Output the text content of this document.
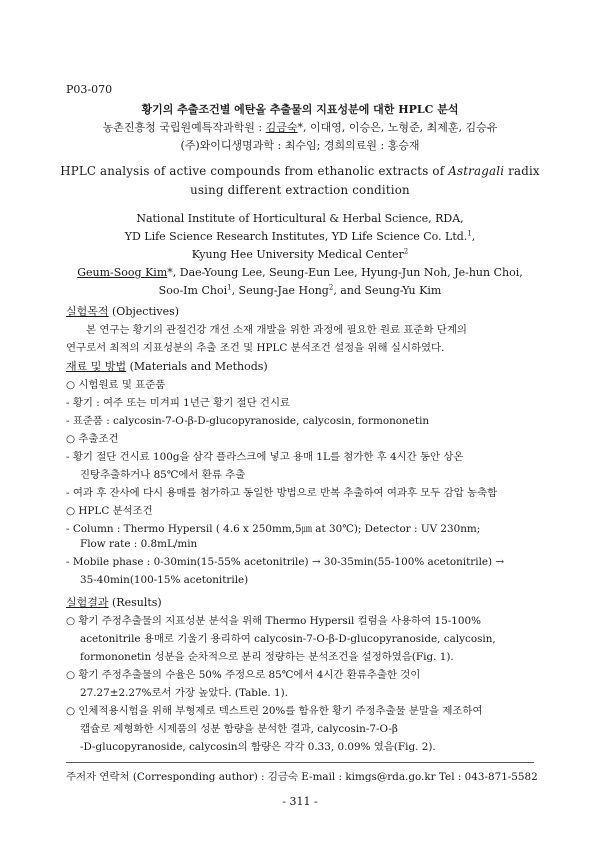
P03-070
황기의 추출조건별 에탄올 추출물의 지표성분에 대한 HPLC 분석
농촌진흥청 국립원예특작과학원 : 김금숙*, 이대영, 이승은, 노형준, 최제훈, 김승유
(주)와이디생명과학 : 최수임; 경희의료원 : 홍승재
HPLC analysis of active compounds from ethanolic extracts of Astragali radix
using different extraction condition
National Institute of Horticultural & Herbal Science, RDA,
YD Life Science Research Institutes, YD Life Science Co. Ltd.$^1$,
Kyung Hee University Medical Center$^2$
Geum-Soog Kim*, Dae-Young Lee, Seung-Eun Lee, Hyung-Jun Noh, Je-hun Choi,
Soo-Im Choi$^1$, Seung-Jae Hong$^2$, and Seung-Yu Kim
실험목적 (Objectives)
본 연구는 황기의 관절건강 개선 소재 개발을 위한 과정에 필요한 원료 표준화 단계의
연구로서 최적의 지표성분의 추출 조건 및 HPLC 분석조건 설정을 위해 실시하였다.
재료 및 방법 (Materials and Methods)
○ 시험원료 및 표준품
- 황기 : 여주 또는 미겨피 1년근 황기 절단 건시료
- 표준품 : calycosin-7-O-β-D-glucopyranoside, calycosin, formononetin
○ 추출조건
- 황기 절단 건시료 100g을 삼각 플라스크에 넣고 용매 1L를 첨가한 후 4시간 동안 상온
진탕추출하거나 85℃에서 환류 추출
- 여과 후 잔사에 다시 용매를 첨가하고 동일한 방법으로 반복 추출하여 여과후 모두 감압 농축함
○ HPLC 분석조건
- Column : Thermo Hypersil ( 4.6 x 250mm,5㎛ at 30℃); Detector : UV 230nm;
Flow rate : 0.8mL/min
- Mobile phase : 0-30min(15-55% acetonitrile) → 30-35min(55-100% acetonitrile) →
35-40min(100-15% acetonitrile)
실험결과 (Results)
○ 황기 주정추출물의 지표성분 분석을 위해 Thermo Hypersil 컬럼을 사용하여 15-100%
acetonitrile 용매로 기울기 용리하여 calycosin-7-O-β-D-glucopyranoside, calycosin,
formononetin 성분을 순차적으로 분리 정량하는 분석조건을 설정하였음(Fig. 1).
○ 황기 주정추출물의 수율은 50% 주정으로 85℃에서 4시간 환류추출한 것이
27.27±2.27%로서 가장 높았다. (Table. 1).
○ 인체적용시험을 위해 부형제로 덱스트린 20%를 함유한 황기 주정추출물 분말을 제조하여
캡슐로 제형화한 시제품의 성분 함량을 분석한 결과, calycosin-7-O-β
-D-glucopyranoside, calycosin의 함량은 각각 0.33, 0.09% 였음(Fig. 2).
주저자 연락처 (Corresponding author) : 김금숙 E-mail : kimgs@rda.go.kr Tel : 043-871-5582
- 311 -
